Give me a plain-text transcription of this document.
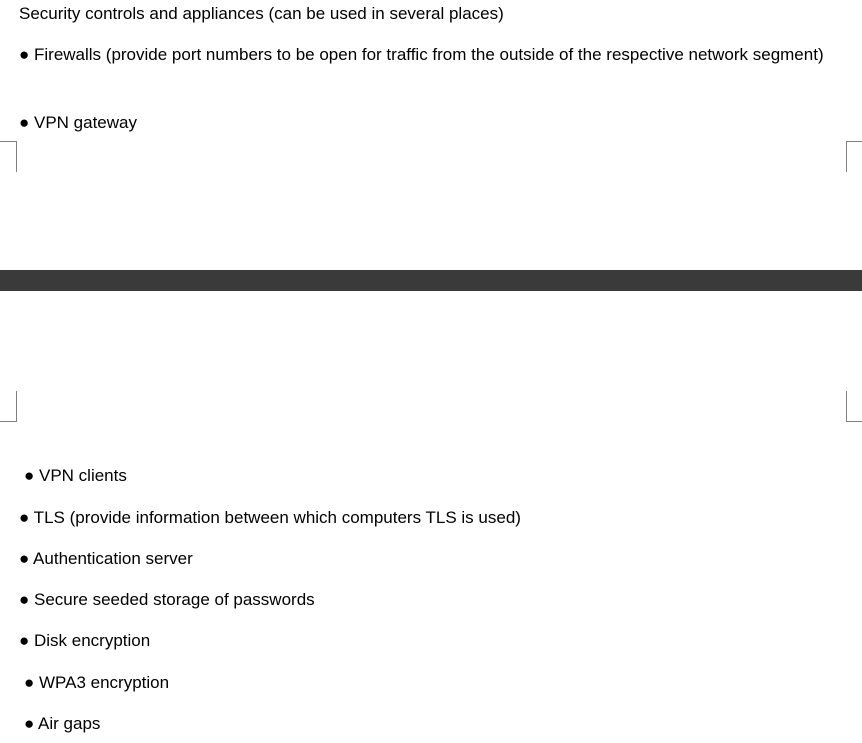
Security controls and appliances (can be used in several places)
● Firewalls (provide port numbers to be open for traffic from the outside of the respective network segment)
● VPN gateway
● VPN clients
● TLS (provide information between which computers TLS is used)
● Authentication server
● Secure seeded storage of passwords
● Disk encryption
● WPA3 encryption
● Air gaps
